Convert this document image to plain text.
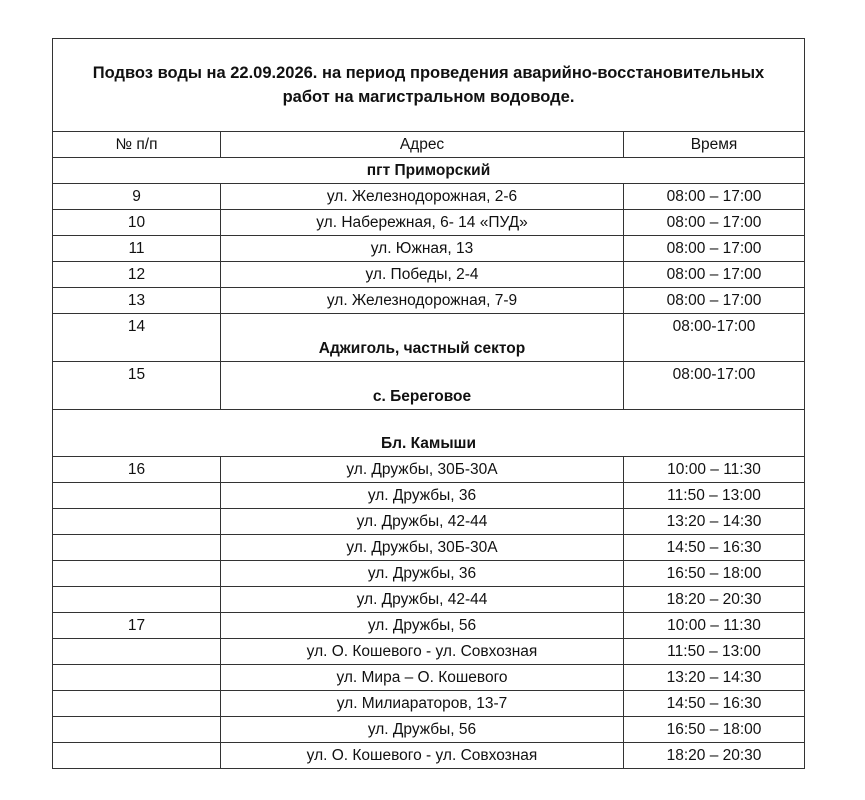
Подвоз воды на 22.09.2026. на период проведения аварийно-восстановительных
работ на магистральном водоводе.		

№ п/п	Адрес	Время
пгт Приморский		
9	ул. Железнодорожная, 2-6	08:00 – 17:00
10	ул. Набережная, 6- 14 «ПУД»	08:00 – 17:00
11	ул. Южная, 13	08:00 – 17:00
12	ул. Победы, 2-4	08:00 – 17:00
13	ул. Железнодорожная, 7-9	08:00 – 17:00
14	Аджиголь, частный сектор	08:00-17:00
15	с. Береговое	08:00-17:00
Бл. Камыши		
16	ул. Дружбы, 30Б-30А	10:00 – 11:30
	ул. Дружбы, 36	11:50 – 13:00
	ул. Дружбы, 42-44	13:20 – 14:30
	ул. Дружбы, 30Б-30А	14:50 – 16:30
	ул. Дружбы, 36	16:50 – 18:00
	ул. Дружбы, 42-44	18:20 – 20:30
17	ул. Дружбы, 56	10:00 – 11:30
	ул. О. Кошевого - ул. Совхозная	11:50 – 13:00
	ул. Мира – О. Кошевого	13:20 – 14:30
	ул. Милиараторов, 13-7	14:50 – 16:30
	ул. Дружбы, 56	16:50 – 18:00
	ул. О. Кошевого - ул. Совхозная	18:20 – 20:30
